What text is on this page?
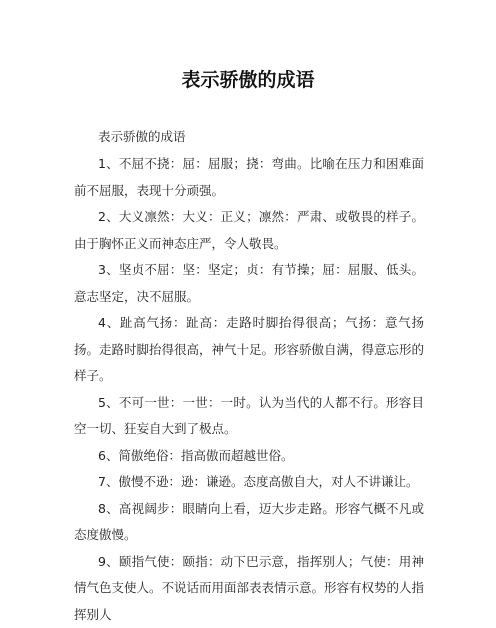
表示骄傲的成语

表示骄傲的成语

1、不屈不挠：屈：屈服；挠：弯曲。比喻在压力和困难面前不屈服，表现十分顽强。

2、大义凛然：大义：正义；凛然：严肃、或敬畏的样子。由于胸怀正义而神态庄严，令人敬畏。

3、坚贞不屈：坚：坚定；贞：有节操；屈：屈服、低头。意志坚定，决不屈服。

4、趾高气扬：趾高：走路时脚抬得很高；气扬：意气扬扬。走路时脚抬得很高，神气十足。形容骄傲自满，得意忘形的样子。

5、不可一世：一世：一时。认为当代的人都不行。形容目空一切、狂妄自大到了极点。

6、简傲绝俗：指高傲而超越世俗。

7、傲慢不逊：逊：谦逊。态度高傲自大，对人不讲谦让。

8、高视阔步：眼睛向上看，迈大步走路。形容气概不凡或态度傲慢。

9、颐指气使：颐指：动下巴示意，指挥别人；气使：用神情气色支使人。不说话而用面部表表情示意。形容有权势的人指挥别人
